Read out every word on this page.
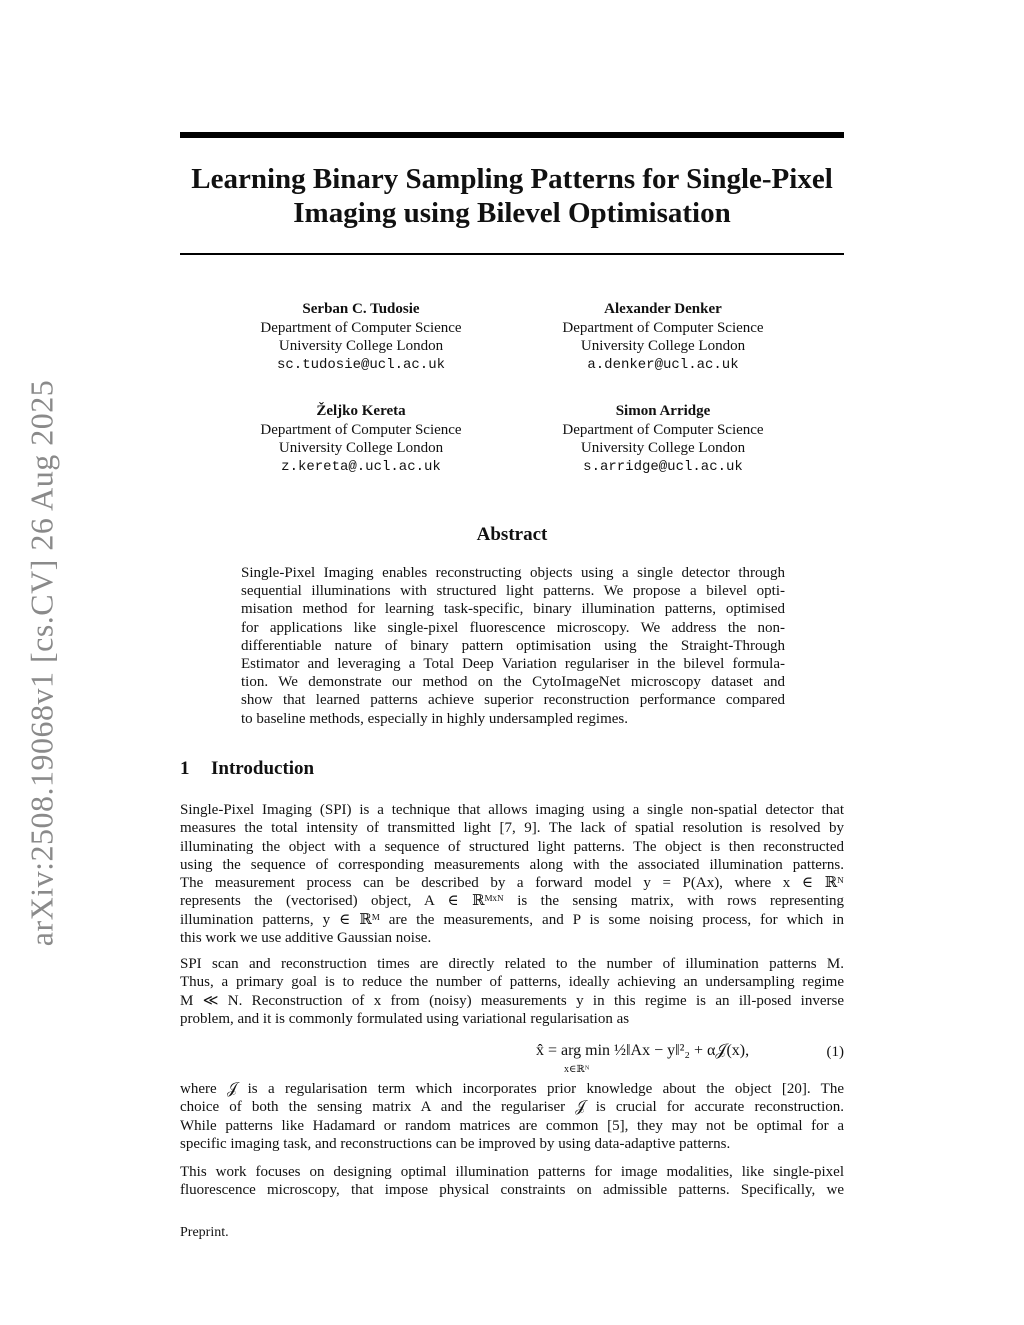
arXiv:2508.19068v1 [cs.CV] 26 Aug 2025
Learning Binary Sampling Patterns for Single-Pixel
Imaging using Bilevel Optimisation
Serban C. Tudosie
Department of Computer Science
University College London
sc.tudosie@ucl.ac.uk
Alexander Denker
Department of Computer Science
University College London
a.denker@ucl.ac.uk
Željko Kereta
Department of Computer Science
University College London
z.kereta@.ucl.ac.uk
Simon Arridge
Department of Computer Science
University College London
s.arridge@ucl.ac.uk
Abstract
Single-Pixel Imaging enables reconstructing objects using a single detector through
sequential illuminations with structured light patterns. We propose a bilevel opti-
misation method for learning task-specific, binary illumination patterns, optimised
for applications like single-pixel fluorescence microscopy. We address the non-
differentiable nature of binary pattern optimisation using the Straight-Through
Estimator and leveraging a Total Deep Variation regulariser in the bilevel formula-
tion. We demonstrate our method on the CytoImageNet microscopy dataset and
show that learned patterns achieve superior reconstruction performance compared
to baseline methods, especially in highly undersampled regimes.
1 Introduction
Single-Pixel Imaging (SPI) is a technique that allows imaging using a single non-spatial detector that
measures the total intensity of transmitted light [7, 9]. The lack of spatial resolution is resolved by
illuminating the object with a sequence of structured light patterns. The object is then reconstructed
using the sequence of corresponding measurements along with the associated illumination patterns.
The measurement process can be described by a forward model y = P(Ax), where x ∈ ℝᴺ
represents the (vectorised) object, A ∈ ℝᴹˣᴺ is the sensing matrix, with rows representing
illumination patterns, y ∈ ℝᴹ are the measurements, and P is some noising process, for which in
this work we use additive Gaussian noise.
SPI scan and reconstruction times are directly related to the number of illumination patterns M.
Thus, a primary goal is to reduce the number of patterns, ideally achieving an undersampling regime
M ≪ N. Reconstruction of x from (noisy) measurements y in this regime is an ill-posed inverse
problem, and it is commonly formulated using variational regularisation as
x̂ = arg min ½‖Ax − y‖²₂ + α𝒥(x),
x∈ℝᴺ
(1)
where 𝒥 is a regularisation term which incorporates prior knowledge about the object [20]. The
choice of both the sensing matrix A and the regulariser 𝒥 is crucial for accurate reconstruction.
While patterns like Hadamard or random matrices are common [5], they may not be optimal for a
specific imaging task, and reconstructions can be improved by using data-adaptive patterns.
This work focuses on designing optimal illumination patterns for image modalities, like single-pixel
fluorescence microscopy, that impose physical constraints on admissible patterns. Specifically, we
Preprint.
